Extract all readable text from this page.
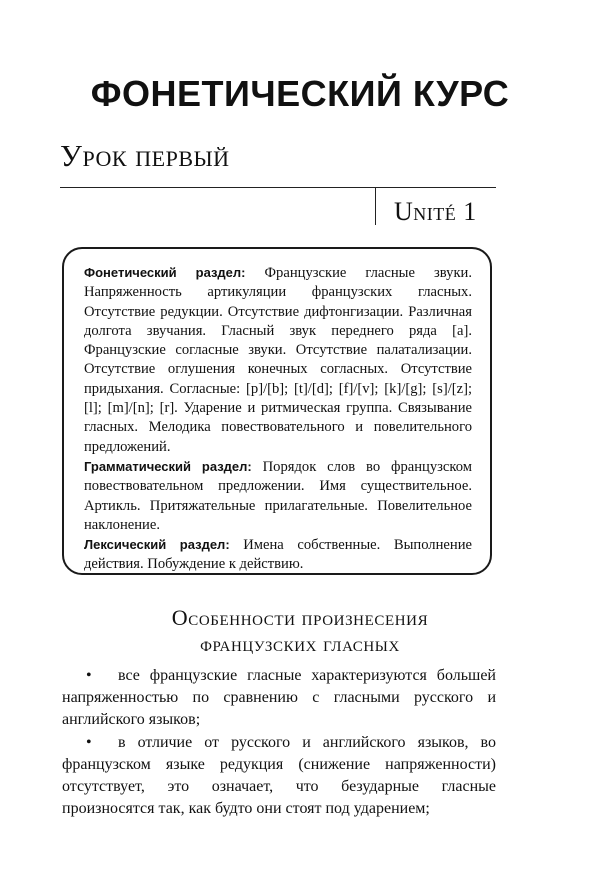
ФОНЕТИЧЕСКИЙ КУРС
Урок первый
Unité 1

Фонетический раздел: Французские гласные звуки. Напряженность артикуляции французских гласных. Отсутствие редукции. Отсутствие дифтонгизации. Различная долгота звучания. Гласный звук переднего ряда [a]. Французские согласные звуки. Отсутствие палатализации. Отсутствие оглушения конечных согласных. Отсутствие придыхания. Согласные: [p]/[b]; [t]/[d]; [f]/[v]; [k]/[g]; [s]/[z]; [l]; [m]/[n]; [r]. Ударение и ритмическая группа. Связывание гласных. Мелодика повествовательного и повелительного предложений.

Грамматический раздел: Порядок слов во французском повествовательном предложении. Имя существительное. Артикль. Притяжательные прилагательные. Повелительное наклонение.

Лексический раздел: Имена собственные. Выполнение действия. Побуждение к действию.

Особенности произнесения
французских гласных
• все французские гласные характеризуются большей напряженностью по сравнению с гласными русского и английского языков;
• в отличие от русского и английского языков, во французском языке редукция (снижение напряженности) отсутствует, это означает, что безударные гласные произносятся так, как будто они стоят под ударением;
